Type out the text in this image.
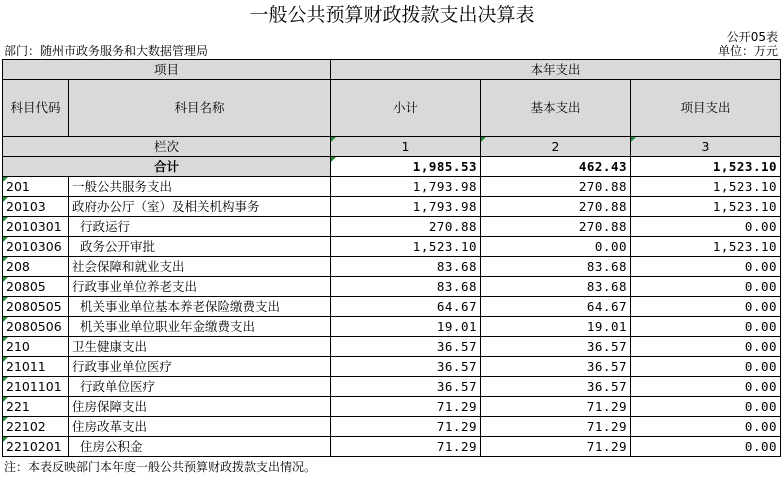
一般公共预算财政拨款支出决算表
公开05表
部门：随州市政务服务和大数据管理局	单位：万元
项目		本年支出		
科目代码	科目名称	小计	基本支出	项目支出
栏次		1	2	3
合计		1,985.53	462.43	1,523.10
201	一般公共服务支出	1,793.98	270.88	1,523.10
20103	政府办公厅（室）及相关机构事务	1,793.98	270.88	1,523.10
2010301	行政运行	270.88	270.88	0.00
2010306	政务公开审批	1,523.10	0.00	1,523.10
208	社会保障和就业支出	83.68	83.68	0.00
20805	行政事业单位养老支出	83.68	83.68	0.00
2080505	机关事业单位基本养老保险缴费支出	64.67	64.67	0.00
2080506	机关事业单位职业年金缴费支出	19.01	19.01	0.00
210	卫生健康支出	36.57	36.57	0.00
21011	行政事业单位医疗	36.57	36.57	0.00
2101101	行政单位医疗	36.57	36.57	0.00
221	住房保障支出	71.29	71.29	0.00
22102	住房改革支出	71.29	71.29	0.00
2210201	住房公积金	71.29	71.29	0.00
注：本表反映部门本年度一般公共预算财政拨款支出情况。
